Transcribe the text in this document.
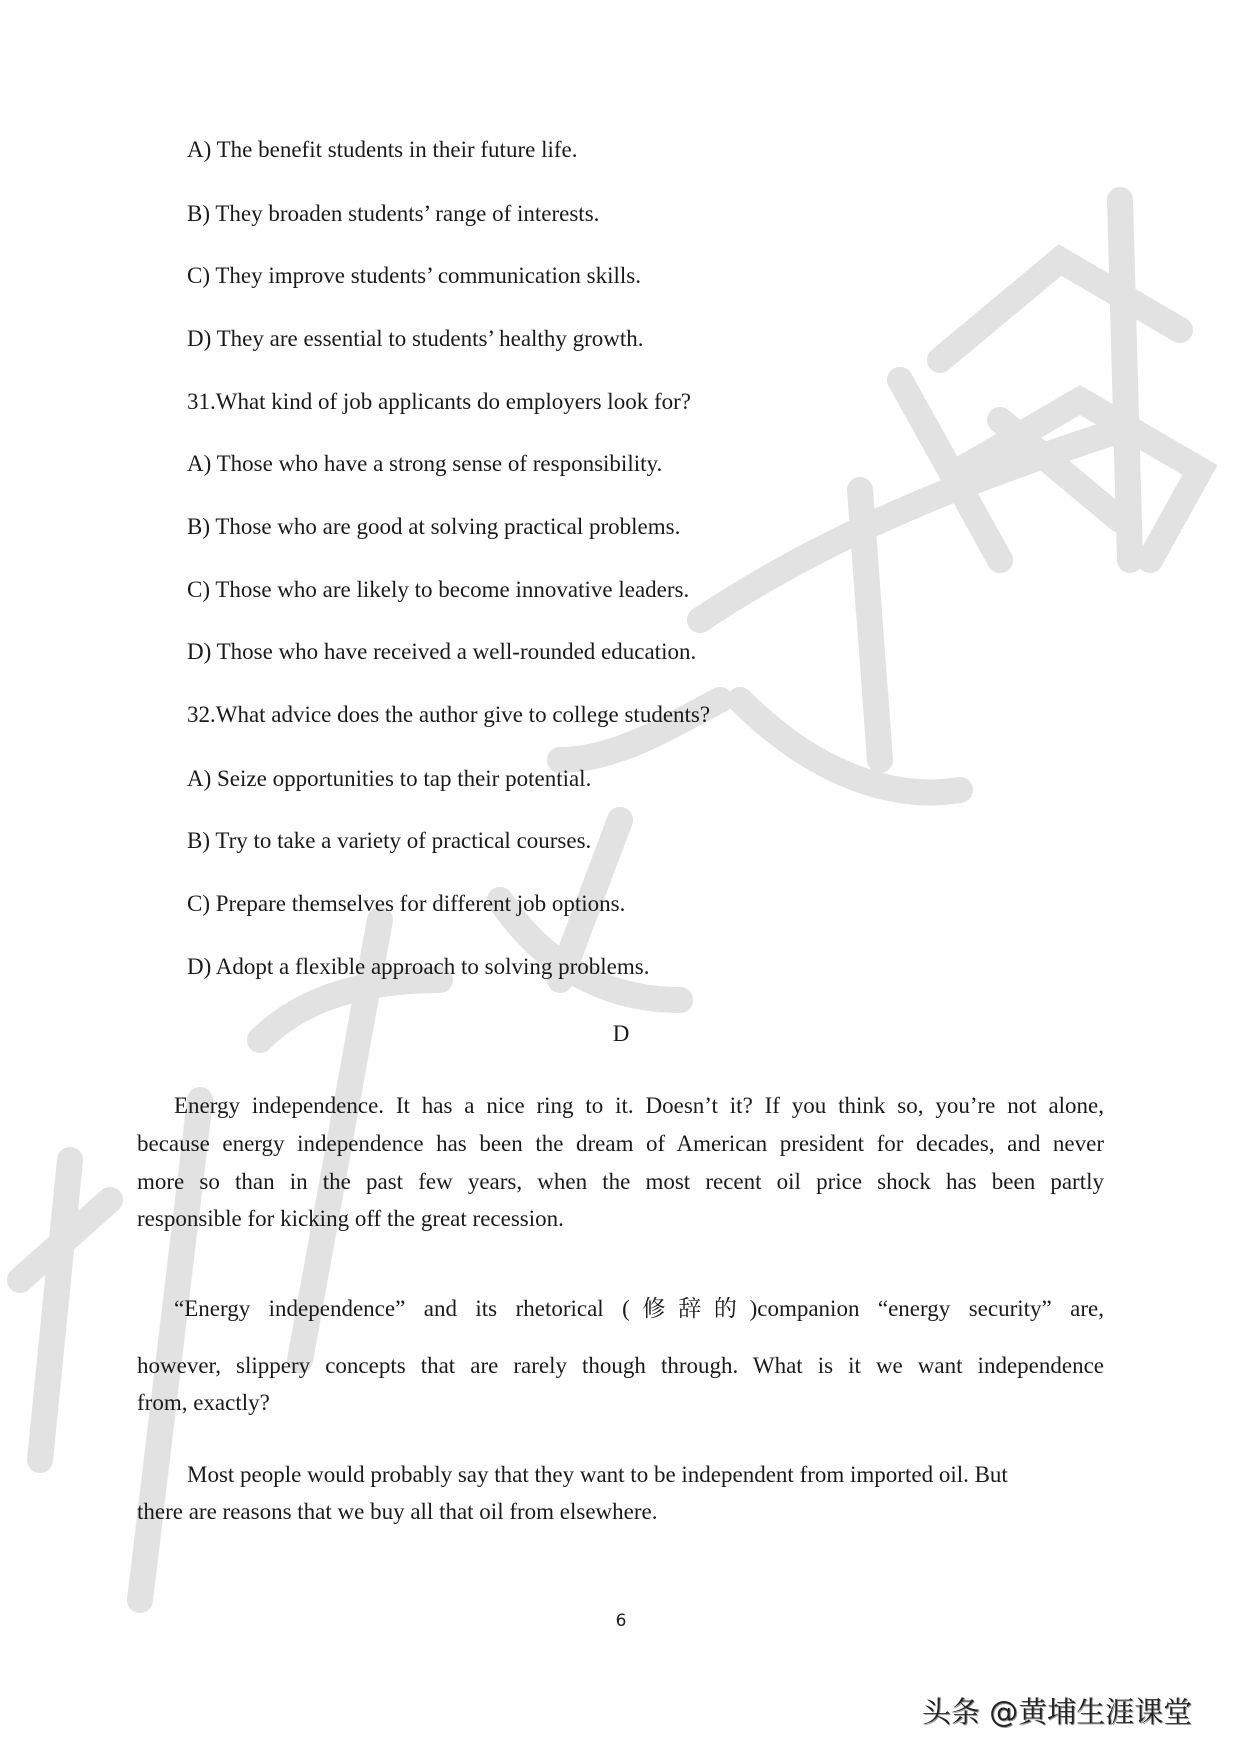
A) The benefit students in their future life.
B) They broaden students’ range of interests.
C) They improve students’ communication skills.
D) They are essential to students’ healthy growth.
31.What kind of job applicants do employers look for?
A) Those who have a strong sense of responsibility.
B) Those who are good at solving practical problems.
C) Those who are likely to become innovative leaders.
D) Those who have received a well-rounded education.
32.What advice does the author give to college students?
A) Seize opportunities to tap their potential.
B) Try to take a variety of practical courses.
C) Prepare themselves for different job options.
D) Adopt a flexible approach to solving problems.
D
Energy independence. It has a nice ring to it. Doesn’t it? If you think so, you’re not alone,
because energy independence has been the dream of American president for decades, and never
more so than in the past few years, when the most recent oil price shock has been partly
responsible for kicking off the great recession.
“Energy independence” and its rhetorical (修辞的)companion “energy security” are,
however, slippery concepts that are rarely though through. What is it we want independence
from, exactly?
Most people would probably say that they want to be independent from imported oil. But
there are reasons that we buy all that oil from elsewhere.
6
头条 @黄埔生涯课堂
